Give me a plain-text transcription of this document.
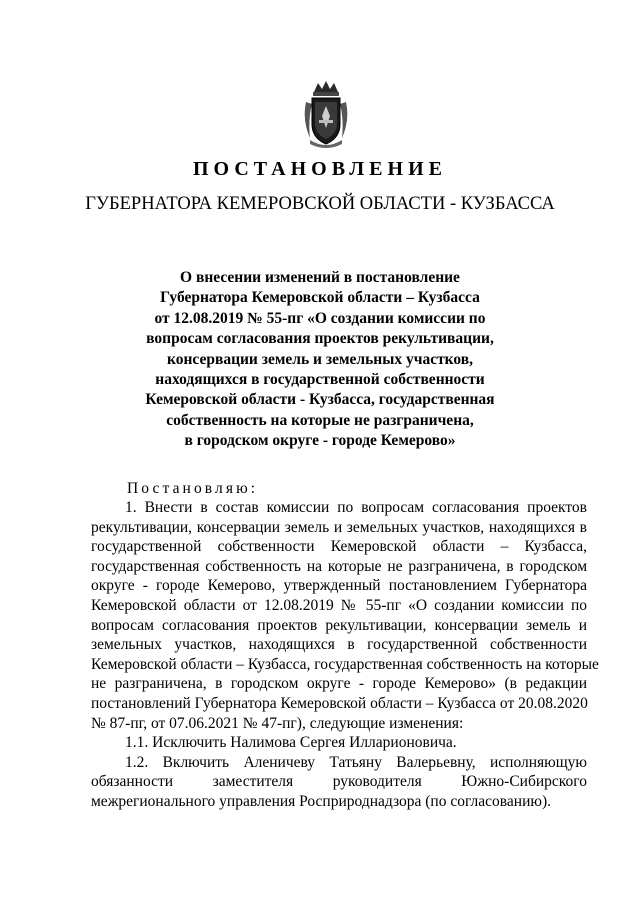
ПОСТАНОВЛЕНИЕ
ГУБЕРНАТОРА КЕМЕРОВСКОЙ ОБЛАСТИ - КУЗБАССА
О внесении изменений в постановление
Губернатора Кемеровской области – Кузбасса
от 12.08.2019 № 55-пг «О создании комиссии по
вопросам согласования проектов рекультивации,
консервации земель и земельных участков,
находящихся в государственной собственности
Кемеровской области - Кузбасса, государственная
собственность на которые не разграничена,
в городском округе - городе Кемерово»
Постановляю:
1. Внести в состав комиссии по вопросам согласования проектов
рекультивации, консервации земель и земельных участков, находящихся в
государственной собственности Кемеровской области – Кузбасса,
государственная собственность на которые не разграничена, в городском
округе - городе Кемерово, утвержденный постановлением Губернатора
Кемеровской области от 12.08.2019 № 55-пг «О создании комиссии по
вопросам согласования проектов рекультивации, консервации земель и
земельных участков, находящихся в государственной собственности
Кемеровской области – Кузбасса, государственная собственность на которые
не разграничена, в городском округе - городе Кемерово» (в редакции
постановлений Губернатора Кемеровской области – Кузбасса от 20.08.2020
№ 87-пг, от 07.06.2021 № 47-пг), следующие изменения:
1.1. Исключить Налимова Сергея Илларионовича.
1.2. Включить Аленичеву Татьяну Валерьевну, исполняющую
обязанности заместителя руководителя Южно-Сибирского
межрегионального управления Росприроднадзора (по согласованию).
